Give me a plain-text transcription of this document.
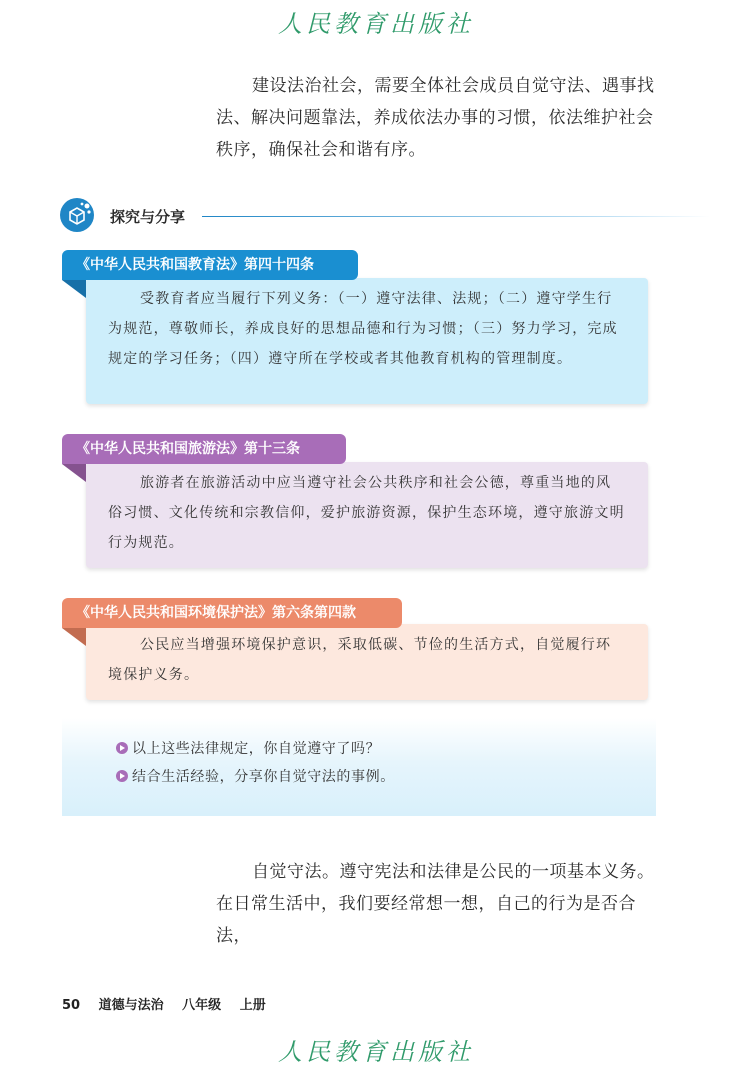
人民教育出版社
建设法治社会，需要全体社会成员自觉守法、遇事找法、解决问题靠法，养成依法办事的习惯，依法维护社会秩序，确保社会和谐有序。
探究与分享
受教育者应当履行下列义务：（一）遵守法律、法规；（二）遵守学生行为规范，尊敬师长，养成良好的思想品德和行为习惯；（三）努力学习，完成规定的学习任务；（四）遵守所在学校或者其他教育机构的管理制度。
《中华人民共和国教育法》第四十四条
旅游者在旅游活动中应当遵守社会公共秩序和社会公德，尊重当地的风俗习惯、文化传统和宗教信仰，爱护旅游资源，保护生态环境，遵守旅游文明行为规范。
《中华人民共和国旅游法》第十三条
公民应当增强环境保护意识，采取低碳、节俭的生活方式，自觉履行环境保护义务。
《中华人民共和国环境保护法》第六条第四款
以上这些法律规定，你自觉遵守了吗？
结合生活经验，分享你自觉守法的事例。
自觉守法。遵守宪法和法律是公民的一项基本义务。在日常生活中，我们要经常想一想，自己的行为是否合法，
50 道德与法治 八年级 上册
人民教育出版社
